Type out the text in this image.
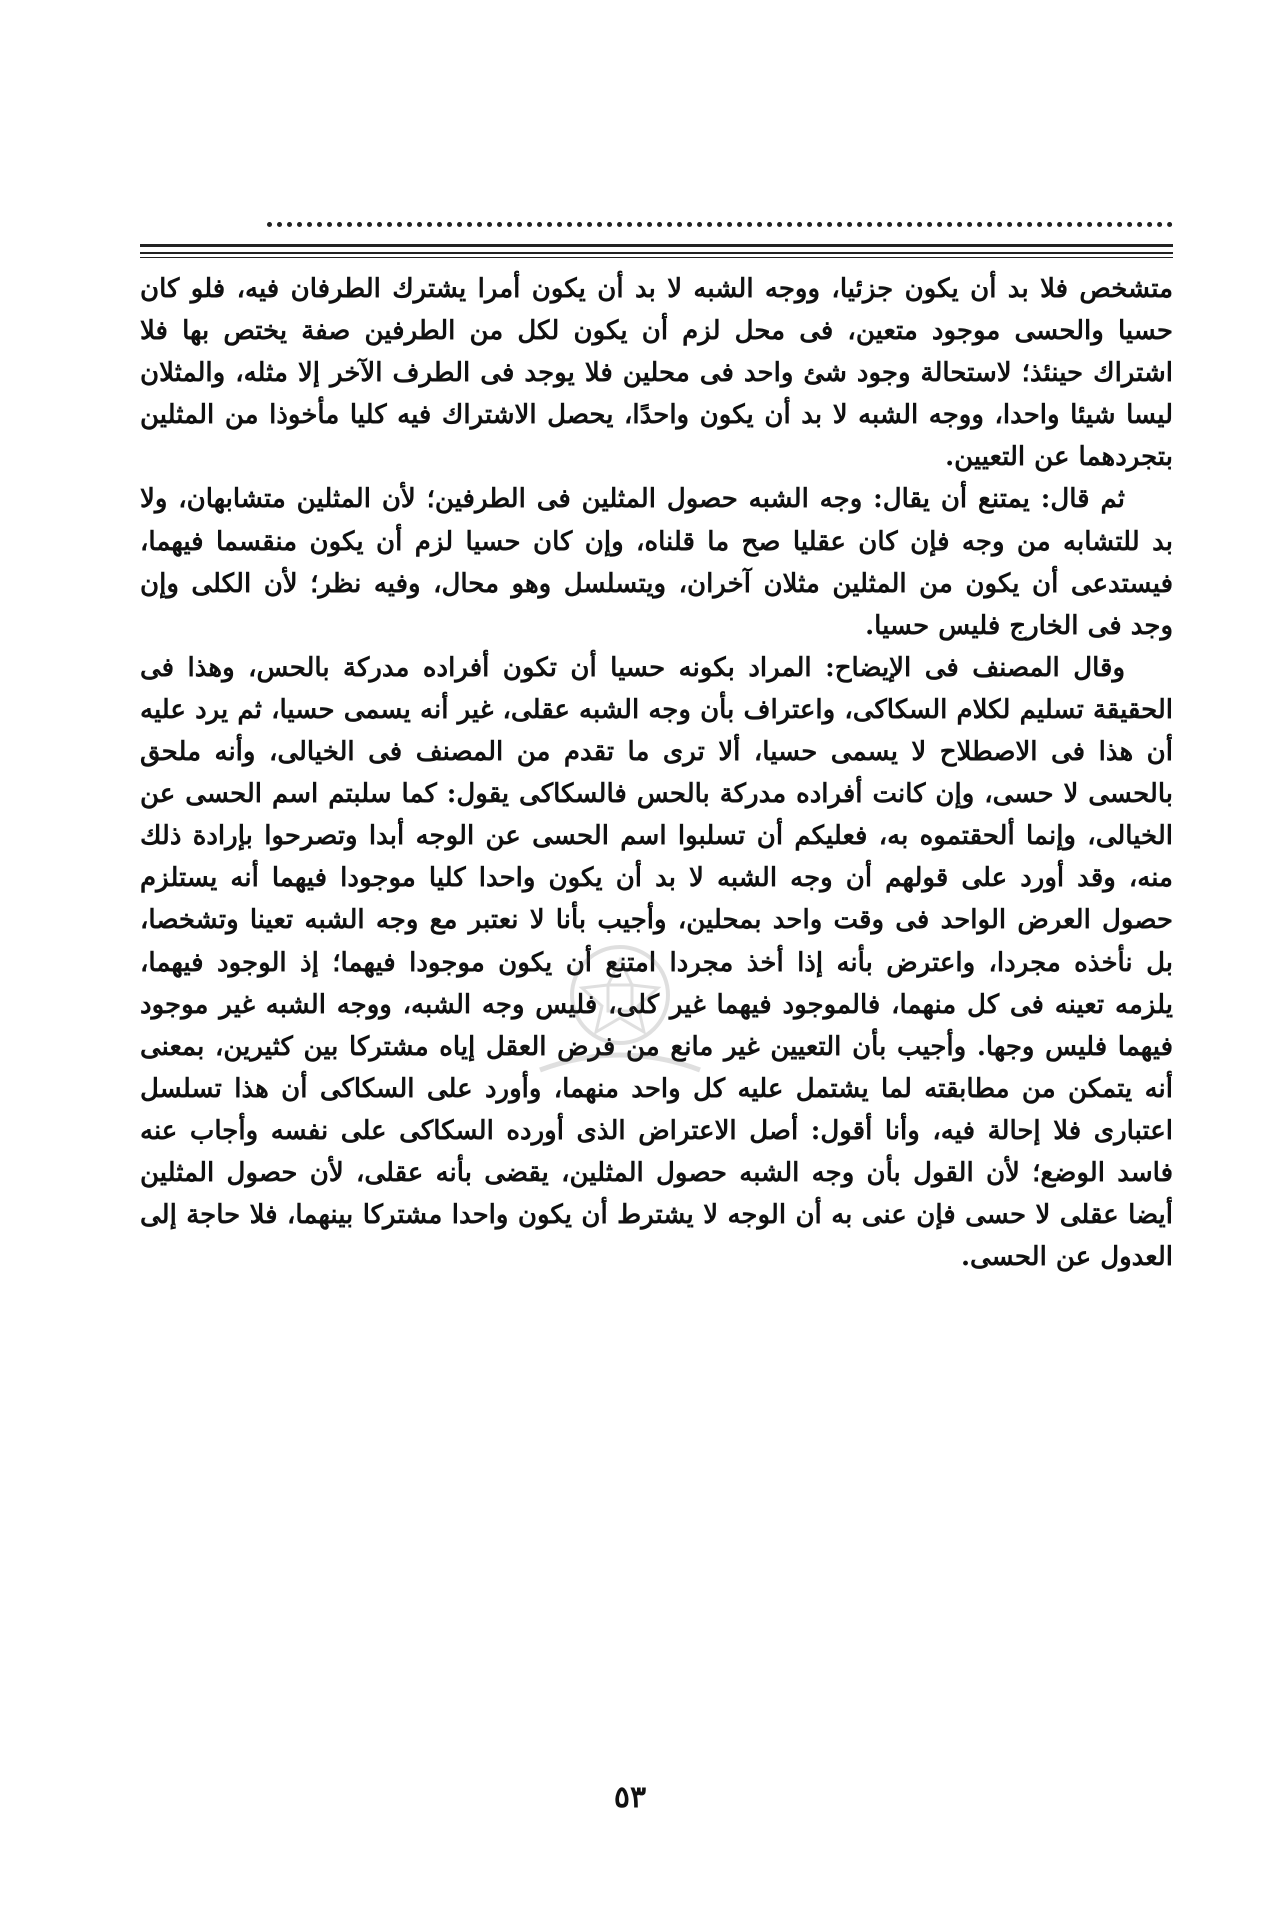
متشخص فلا بد أن يكون جزئيا، ووجه الشبه لا بد أن يكون أمرا يشترك الطرفان فيه، فلو كان حسيا والحسى موجود متعين، فى محل لزم أن يكون لكل من الطرفين صفة يختص بها فلا اشتراك حينئذ؛ لاستحالة وجود شئ واحد فى محلين فلا يوجد فى الطرف الآخر إلا مثله، والمثلان ليسا شيئا واحدا، ووجه الشبه لا بد أن يكون واحدًا، يحصل الاشتراك فيه كليا مأخوذا من المثلين بتجردهما عن التعيين.

ثم قال: يمتنع أن يقال: وجه الشبه حصول المثلين فى الطرفين؛ لأن المثلين متشابهان، ولا بد للتشابه من وجه فإن كان عقليا صح ما قلناه، وإن كان حسيا لزم أن يكون منقسما فيهما، فيستدعى أن يكون من المثلين مثلان آخران، ويتسلسل وهو محال، وفيه نظر؛ لأن الكلى وإن وجد فى الخارج فليس حسيا.

وقال المصنف فى الإيضاح: المراد بكونه حسيا أن تكون أفراده مدركة بالحس، وهذا فى الحقيقة تسليم لكلام السكاكى، واعتراف بأن وجه الشبه عقلى، غير أنه يسمى حسيا، ثم يرد عليه أن هذا فى الاصطلاح لا يسمى حسيا، ألا ترى ما تقدم من المصنف فى الخيالى، وأنه ملحق بالحسى لا حسى، وإن كانت أفراده مدركة بالحس فالسكاكى يقول: كما سلبتم اسم الحسى عن الخيالى، وإنما ألحقتموه به، فعليكم أن تسلبوا اسم الحسى عن الوجه أبدا وتصرحوا بإرادة ذلك منه، وقد أورد على قولهم أن وجه الشبه لا بد أن يكون واحدا كليا موجودا فيهما أنه يستلزم حصول العرض الواحد فى وقت واحد بمحلين، وأجيب بأنا لا نعتبر مع وجه الشبه تعينا وتشخصا، بل نأخذه مجردا، واعترض بأنه إذا أخذ مجردا امتنع أن يكون موجودا فيهما؛ إذ الوجود فيهما، يلزمه تعينه فى كل منهما، فالموجود فيهما غير كلى، فليس وجه الشبه، ووجه الشبه غير موجود فيهما فليس وجها. وأجيب بأن التعيين غير مانع من فرض العقل إياه مشتركا بين كثيرين، بمعنى أنه يتمكن من مطابقته لما يشتمل عليه كل واحد منهما، وأورد على السكاكى أن هذا تسلسل اعتبارى فلا إحالة فيه، وأنا أقول: أصل الاعتراض الذى أورده السكاكى على نفسه وأجاب عنه فاسد الوضع؛ لأن القول بأن وجه الشبه حصول المثلين، يقضى بأنه عقلى، لأن حصول المثلين أيضا عقلى لا حسى فإن عنى به أن الوجه لا يشترط أن يكون واحدا مشتركا بينهما، فلا حاجة إلى العدول عن الحسى.

٥٣
